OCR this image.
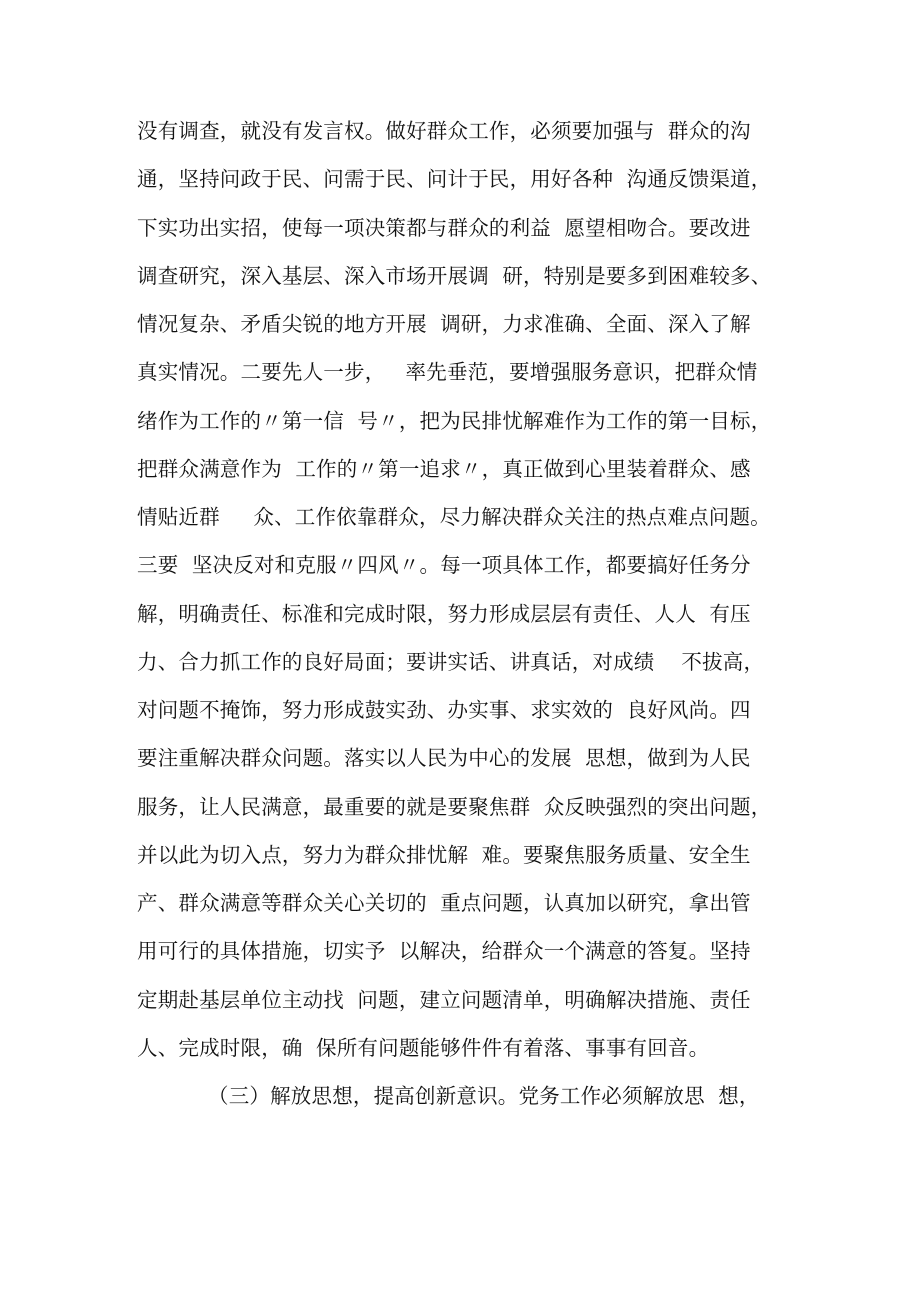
没有调查，就没有发言权。做好群众工作，必须要加强与  群众的沟
通，坚持问政于民、问需于民、问计于民，用好各种  沟通反馈渠道，
下实功出实招，使每一项决策都与群众的利益  愿望相吻合。要改进
调查研究，深入基层、深入市场开展调  研，特别是要多到困难较多、
情况复杂、矛盾尖锐的地方开展  调研，力求准确、全面、深入了解
真实情况。二要先人一步，   率先垂范，要增强服务意识，把群众情
绪作为工作的〃第一信  号〃，把为民排忧解难作为工作的第一目标，
把群众满意作为  工作的〃第一追求〃，真正做到心里装着群众、感
情贴近群     众、工作依靠群众，尽力解决群众关注的热点难点问题。
三要  坚决反对和克服〃四风〃。每一项具体工作，都要搞好任务分
解，明确责任、标准和完成时限，努力形成层层有责任、人人  有压
力、合力抓工作的良好局面；要讲实话、讲真话，对成绩    不拔高，
对问题不掩饰，努力形成鼓实劲、办实事、求实效的  良好风尚。四
要注重解决群众问题。落实以人民为中心的发展  思想，做到为人民
服务，让人民满意，最重要的就是要聚焦群  众反映强烈的突出问题，
并以此为切入点，努力为群众排忧解  难。要聚焦服务质量、安全生
产、群众满意等群众关心关切的  重点问题，认真加以研究，拿出管
用可行的具体措施，切实予  以解决，给群众一个满意的答复。坚持
定期赴基层单位主动找  问题，建立问题清单，明确解决措施、责任
人、完成时限，确  保所有问题能够件件有着落、事事有回音。
（三）解放思想，提高创新意识。党务工作必须解放思  想，
